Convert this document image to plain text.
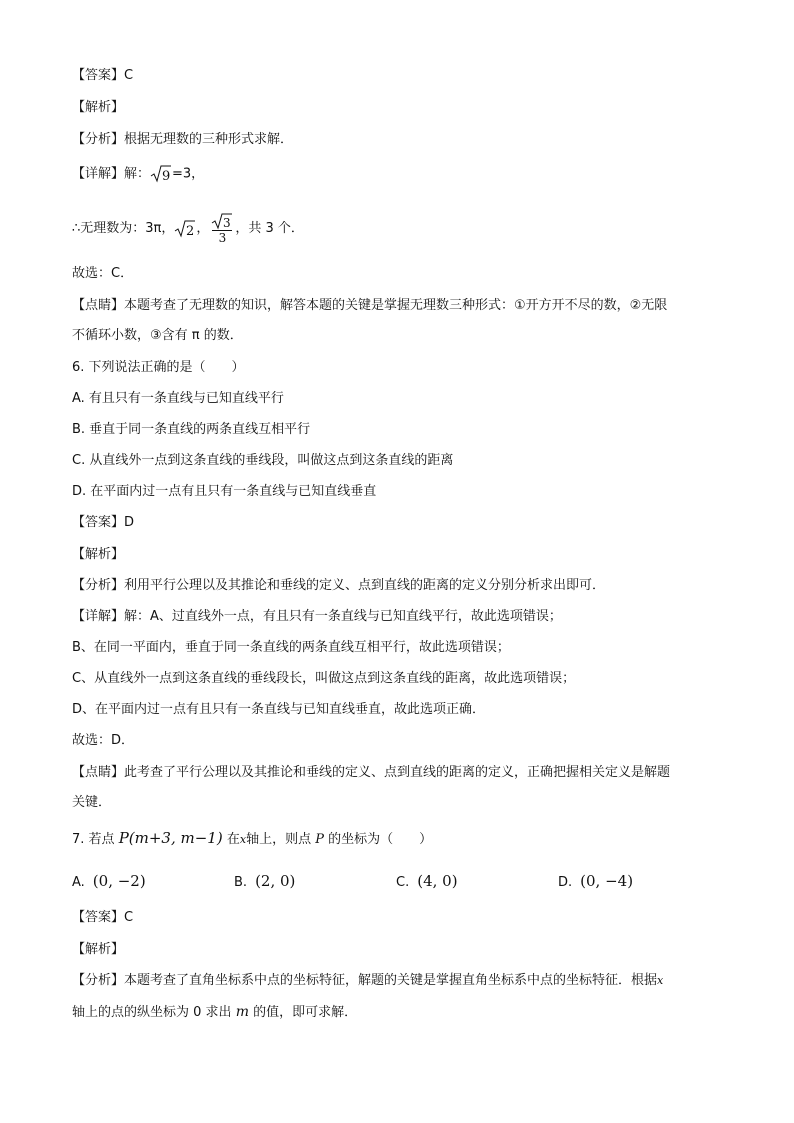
【答案】C
【解析】
【分析】根据无理数的三种形式求解．
【详解】解： 9 =3，
∴无理数为：3π， 2 ， $\frac{3}{3}$ ，共 3 个．
故选：C．
【点睛】本题考查了无理数的知识，解答本题的关键是掌握无理数三种形式：①开方开不尽的数，②无限
不循环小数，③含有 π 的数．
6. 下列说法正确的是（　　）
A. 有且只有一条直线与已知直线平行
B. 垂直于同一条直线的两条直线互相平行
C. 从直线外一点到这条直线的垂线段，叫做这点到这条直线的距离
D. 在平面内过一点有且只有一条直线与已知直线垂直
【答案】D
【解析】
【分析】利用平行公理以及其推论和垂线的定义、点到直线的距离的定义分别分析求出即可．
【详解】解：A、过直线外一点，有且只有一条直线与已知直线平行，故此选项错误；
B、在同一平面内，垂直于同一条直线的两条直线互相平行，故此选项错误；
C、从直线外一点到这条直线的垂线段长，叫做这点到这条直线的距离，故此选项错误；
D、在平面内过一点有且只有一条直线与已知直线垂直，故此选项正确．
故选：D．
【点睛】此考查了平行公理以及其推论和垂线的定义、点到直线的距离的定义，正确把握相关定义是解题
关键．
7. 若点 P(m+3, m−1) 在x轴上，则点 P 的坐标为（　　）
A. (0, −2)	B. (2, 0)	C. (4, 0)	D. (0, −4)
【答案】C
【解析】
【分析】本题考查了直角坐标系中点的坐标特征，解题的关键是掌握直角坐标系中点的坐标特征．根据$^x$
轴上的点的纵坐标为 0 求出 m 的值，即可求解．
